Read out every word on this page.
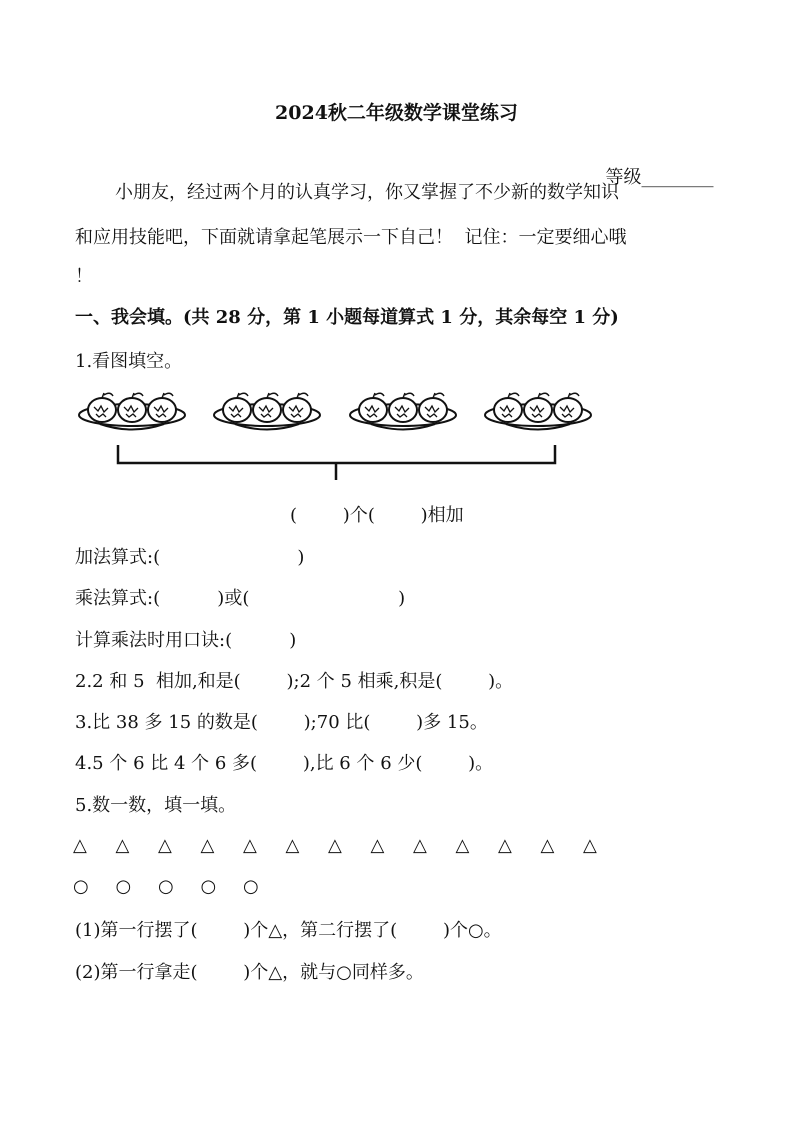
2024秋二年级数学课堂练习

等级________

小朋友，经过两个月的认真学习，你又掌握了不少新的数学知识
和应用技能吧，下面就请拿起笔展示一下自己！  记住：一定要细心哦
！
一、我会填。(共 28 分，第 1 小题每道算式 1 分，其余每空 1 分)
1.看图填空。
(        )个(        )相加
加法算式:(                        )
乘法算式:(          )或(                          )
计算乘法时用口诀:(          )
2.2 和 5  相加,和是(        );2 个 5 相乘,积是(        )。
3.比 38 多 15 的数是(        );70 比(        )多 15。
4.5 个 6 比 4 个 6 多(        ),比 6 个 6 少(        )。
5.数一数，填一填。
△ △ △ △ △ △ △ △ △ △ △ △ △
○ ○ ○ ○ ○
(1)第一行摆了(        )个△，第二行摆了(        )个○。
(2)第一行拿走(        )个△，就与○同样多。
